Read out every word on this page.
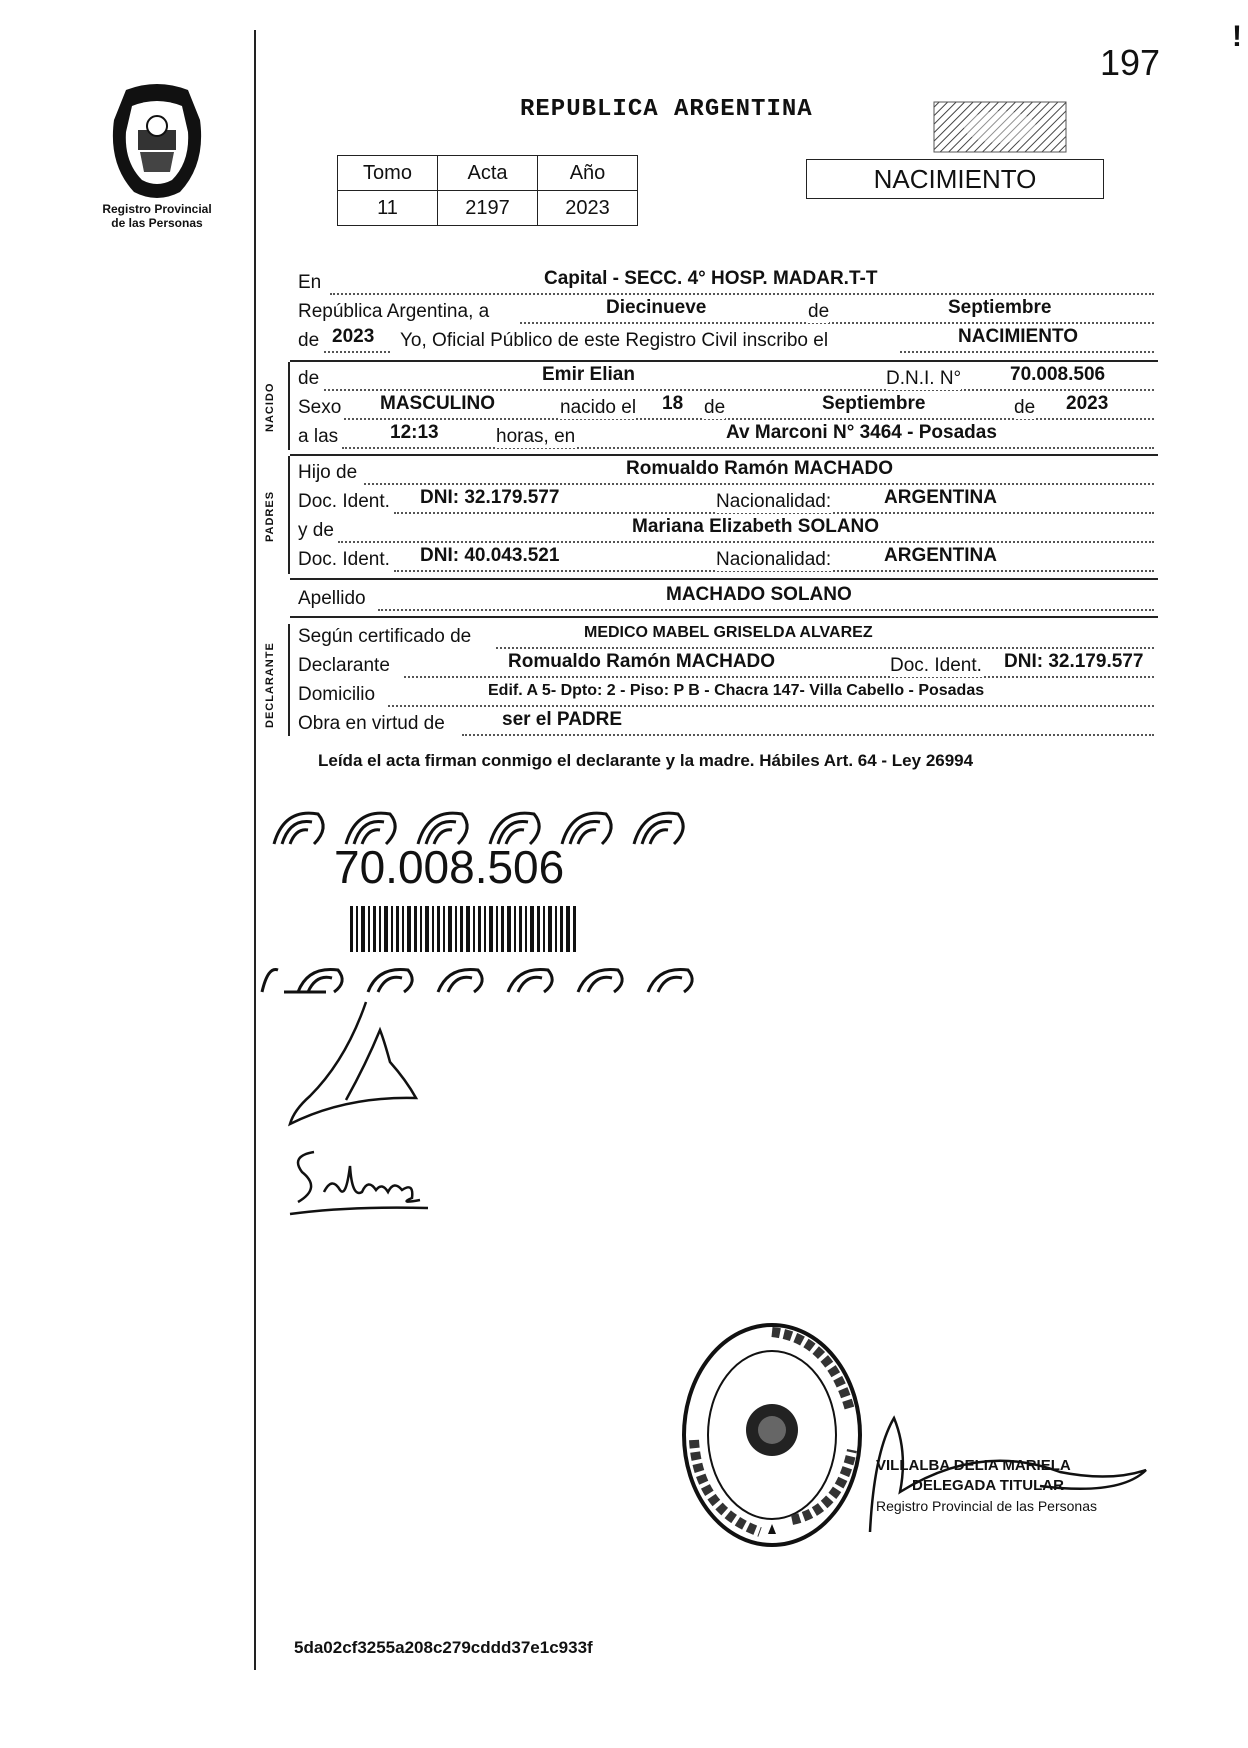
!
197
Registro Provincial
de las Personas
REPUBLICA ARGENTINA
Tomo	Acta	Año
11	2197	2023
NACIMIENTO
En	Capital - SECC. 4° HOSP. MADAR.T-T
República Argentina, a	Diecinueve	de	Septiembre
de 2023 Yo, Oficial Público de este Registro Civil inscribo el	NACIMIENTO
NACIDO
de	Emir Elian	D.N.I. N°	70.008.506
Sexo MASCULINO	nacido el 18 de	Septiembre	de 2023
a las	12:13	horas, en	Av Marconi N° 3464 - Posadas
PADRES
Hijo de	Romualdo Ramón MACHADO
Doc. Ident. DNI: 32.179.577	Nacionalidad:	ARGENTINA
y de	Mariana Elizabeth SOLANO
Doc. Ident. DNI: 40.043.521	Nacionalidad:	ARGENTINA
Apellido	MACHADO SOLANO
DECLARANTE
Según certificado de	MEDICO MABEL GRISELDA ALVAREZ
Declarante	Romualdo Ramón MACHADO	Doc. Ident. DNI: 32.179.577
Domicilio	Edif. A 5- Dpto: 2 - Piso: P B - Chacra 147- Villa Cabello - Posadas
Obra en virtud de	ser el PADRE
Leída el acta firman conmigo el declarante y la madre. Hábiles Art. 64 - Ley 26994
70.008.506
VILLALBA DELIA MARIELA
DELEGADA TITULAR
Registro Provincial de las Personas
5da02cf3255a208c279cddd37e1c933f
